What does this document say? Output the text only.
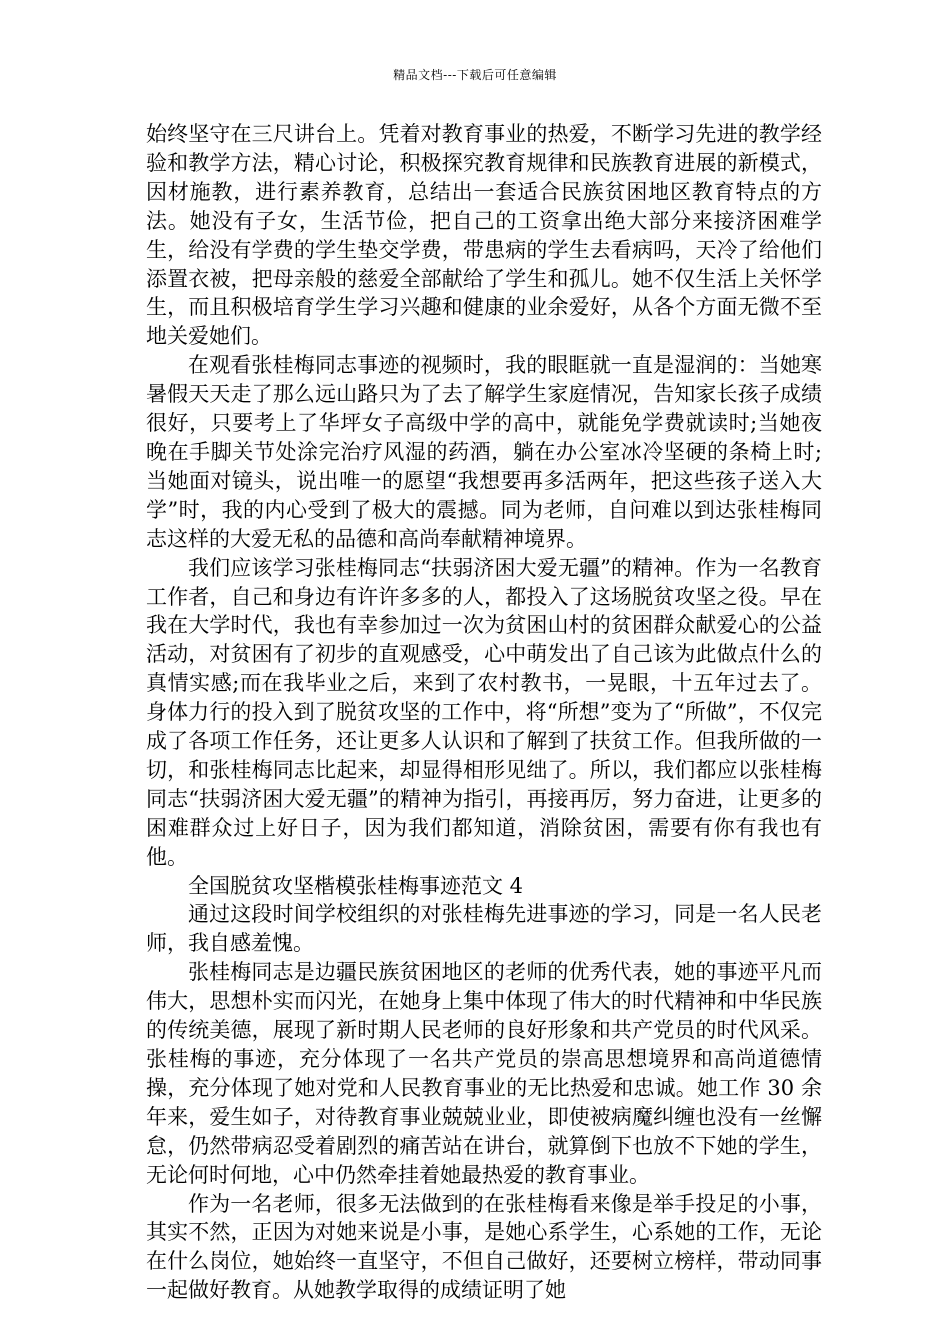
精品文档---下载后可任意编辑

始终坚守在三尺讲台上。凭着对教育事业的热爱，不断学习先进的教学经验和教学方法，精心讨论，积极探究教育规律和民族教育进展的新模式，因材施教，进行素养教育，总结出一套适合民族贫困地区教育特点的方法。她没有子女，生活节俭，把自己的工资拿出绝大部分来接济困难学生，给没有学费的学生垫交学费，带患病的学生去看病吗，天冷了给他们添置衣被，把母亲般的慈爱全部献给了学生和孤儿。她不仅生活上关怀学生，而且积极培育学生学习兴趣和健康的业余爱好，从各个方面无微不至地关爱她们。

在观看张桂梅同志事迹的视频时，我的眼眶就一直是湿润的：当她寒暑假天天走了那么远山路只为了去了解学生家庭情况，告知家长孩子成绩很好，只要考上了华坪女子高级中学的高中，就能免学费就读时;当她夜晚在手脚关节处涂完治疗风湿的药酒，躺在办公室冰冷坚硬的条椅上时;当她面对镜头，说出唯一的愿望“我想要再多活两年，把这些孩子送入大学”时，我的内心受到了极大的震撼。同为老师，自问难以到达张桂梅同志这样的大爱无私的品德和高尚奉献精神境界。

我们应该学习张桂梅同志“扶弱济困大爱无疆”的精神。作为一名教育工作者，自己和身边有许许多多的人，都投入了这场脱贫攻坚之役。早在我在大学时代，我也有幸参加过一次为贫困山村的贫困群众献爱心的公益活动，对贫困有了初步的直观感受，心中萌发出了自己该为此做点什么的真情实感;而在我毕业之后，来到了农村教书，一晃眼，十五年过去了。身体力行的投入到了脱贫攻坚的工作中，将“所想”变为了“所做”，不仅完成了各项工作任务，还让更多人认识和了解到了扶贫工作。但我所做的一切，和张桂梅同志比起来，却显得相形见绌了。所以，我们都应以张桂梅同志“扶弱济困大爱无疆”的精神为指引，再接再厉，努力奋进，让更多的困难群众过上好日子，因为我们都知道，消除贫困，需要有你有我也有他。

全国脱贫攻坚楷模张桂梅事迹范文 4

通过这段时间学校组织的对张桂梅先进事迹的学习，同是一名人民老师，我自感羞愧。

张桂梅同志是边疆民族贫困地区的老师的优秀代表，她的事迹平凡而伟大，思想朴实而闪光，在她身上集中体现了伟大的时代精神和中华民族的传统美德，展现了新时期人民老师的良好形象和共产党员的时代风采。张桂梅的事迹，充分体现了一名共产党员的崇高思想境界和高尚道德情操，充分体现了她对党和人民教育事业的无比热爱和忠诚。她工作 30 余年来，爱生如子，对待教育事业兢兢业业，即使被病魔纠缠也没有一丝懈怠，仍然带病忍受着剧烈的痛苦站在讲台，就算倒下也放不下她的学生，无论何时何地，心中仍然牵挂着她最热爱的教育事业。

作为一名老师，很多无法做到的在张桂梅看来像是举手投足的小事，其实不然，正因为对她来说是小事，是她心系学生，心系她的工作，无论在什么岗位，她始终一直坚守，不但自己做好，还要树立榜样，带动同事一起做好教育。从她教学取得的成绩证明了她
